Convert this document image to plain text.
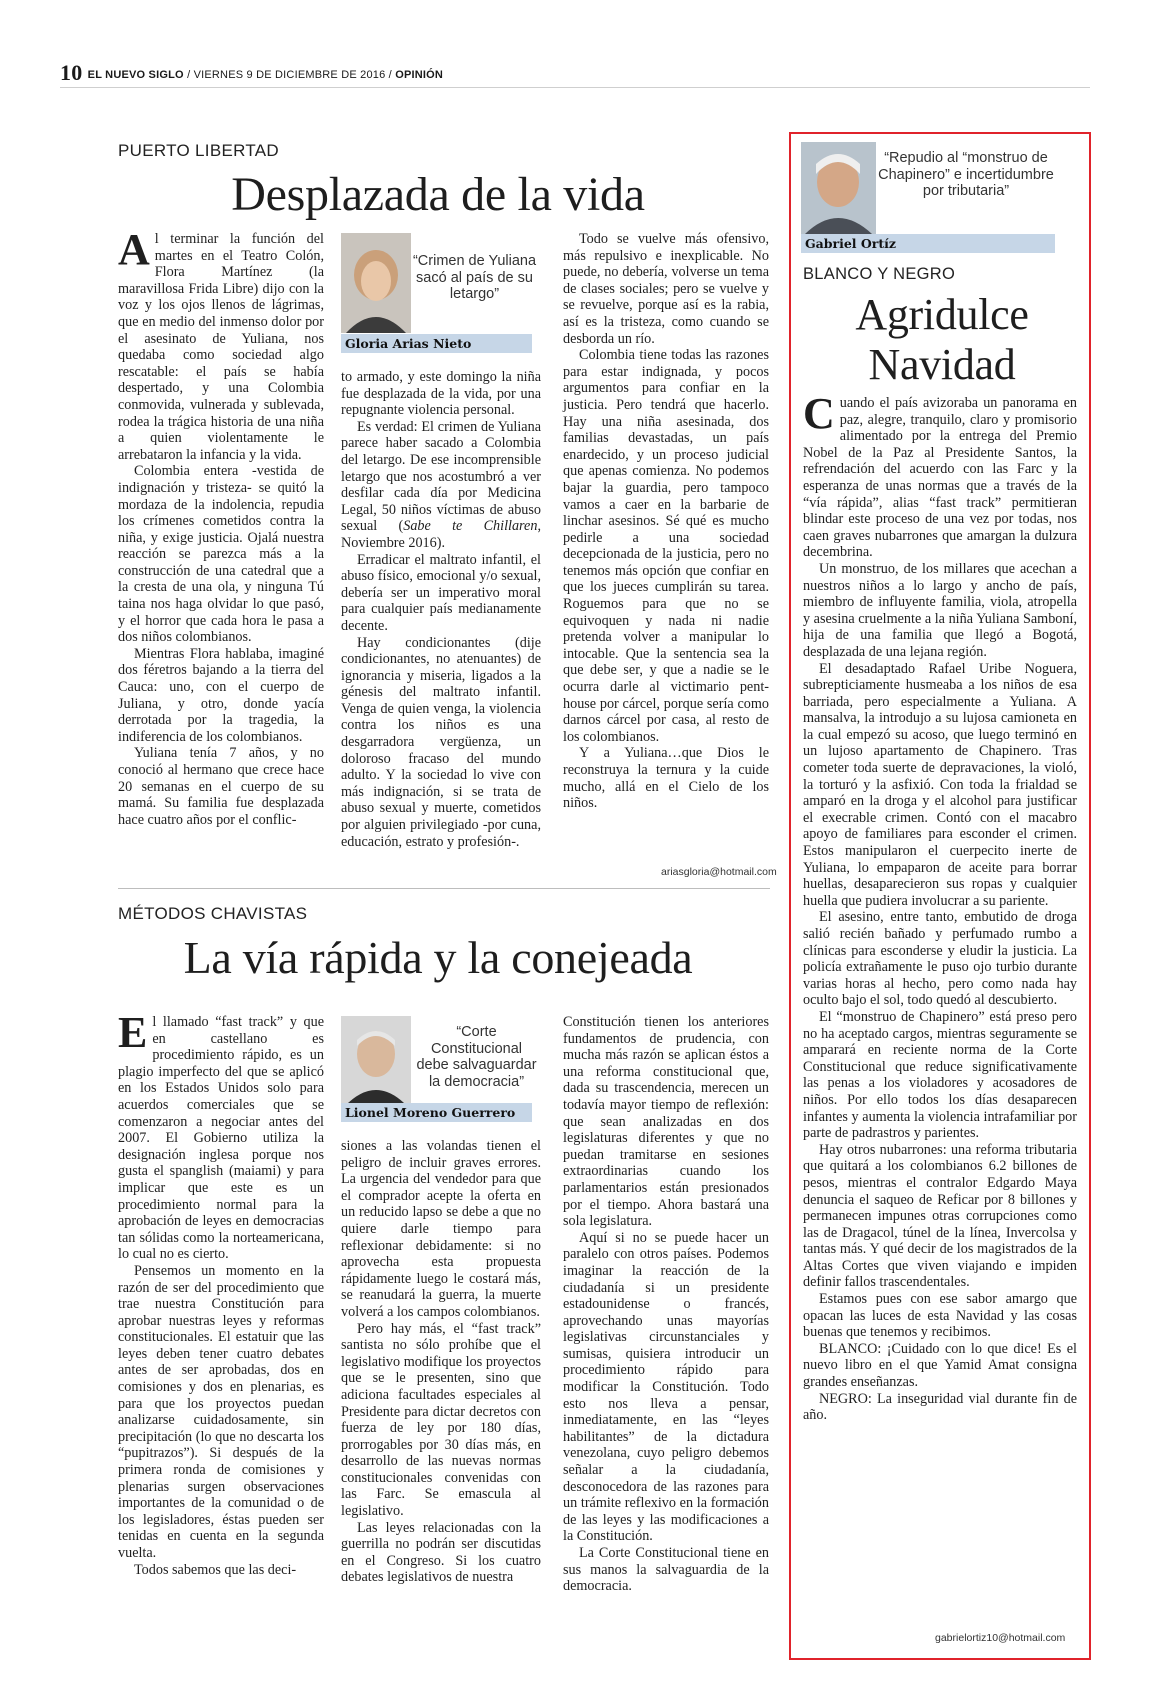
10 EL NUEVO SIGLO / VIERNES 9 DE DICIEMBRE DE 2016 / OPINIÓN
PUERTO LIBERTAD
Desplazada de la vida

Al terminar la función del martes en el Teatro Colón, Flora Martínez (la maravillosa Frida Libre) dijo con la voz y los ojos llenos de lágrimas, que en medio del inmenso dolor por el asesinato de Yuliana, nos quedaba como sociedad algo rescatable: el país se había despertado, y una Colombia conmovida, vulnerada y sublevada, rodea la trágica historia de una niña a quien violentamente le arrebataron la infancia y la vida.

Colombia entera -vestida de indignación y tristeza- se quitó la mordaza de la indolencia, repudia los crímenes cometidos contra la niña, y exige justicia. Ojalá nuestra reacción se parezca más a la construcción de una catedral que a la cresta de una ola, y ninguna Tú taina nos haga olvidar lo que pasó, y el horror que cada hora le pasa a dos niños colombianos.

Mientras Flora hablaba, imaginé dos féretros bajando a la tierra del Cauca: uno, con el cuerpo de Juliana, y otro, donde yacía derrotada por la tragedia, la indiferencia de los colombianos.

Yuliana tenía 7 años, y no conoció al hermano que crece hace 20 semanas en el cuerpo de su mamá. Su familia fue desplazada hace cuatro años por el conflic-

“Crimen de Yuliana sacó al país de su letargo”
Gloria Arias Nieto

to armado, y este domingo la niña fue desplazada de la vida, por una repugnante violencia personal.

Es verdad: El crimen de Yuliana parece haber sacado a Colombia del letargo. De ese incomprensible letargo que nos acostumbró a ver desfilar cada día por Medicina Legal, 50 niños víctimas de abuso sexual (Sabe te Chillaren, Noviembre 2016).

Erradicar el maltrato infantil, el abuso físico, emocional y/o sexual, debería ser un imperativo moral para cualquier país medianamente decente.

Hay condicionantes (dije condicionantes, no atenuantes) de ignorancia y miseria, ligados a la génesis del maltrato infantil. Venga de quien venga, la violencia contra los niños es una desgarradora vergüenza, un doloroso fracaso del mundo adulto. Y la sociedad lo vive con más indignación, si se trata de abuso sexual y muerte, cometidos por alguien privilegiado -por cuna, educación, estrato y profesión-.

Todo se vuelve más ofensivo, más repulsivo e inexplicable. No puede, no debería, volverse un tema de clases sociales; pero se vuelve y se revuelve, porque así es la rabia, así es la tristeza, como cuando se desborda un río.

Colombia tiene todas las razones para estar indignada, y pocos argumentos para confiar en la justicia. Pero tendrá que hacerlo. Hay una niña asesinada, dos familias devastadas, un país enardecido, y un proceso judicial que apenas comienza. No podemos bajar la guardia, pero tampoco vamos a caer en la barbarie de linchar asesinos. Sé qué es mucho pedirle a una sociedad decepcionada de la justicia, pero no tenemos más opción que confiar en que los jueces cumplirán su tarea. Roguemos para que no se equivoquen y nada ni nadie pretenda volver a manipular lo intocable. Que la sentencia sea la que debe ser, y que a nadie se le ocurra darle al victimario pent-house por cárcel, porque sería como darnos cárcel por casa, al resto de los colombianos.

Y a Yuliana…que Dios le reconstruya la ternura y la cuide mucho, allá en el Cielo de los niños.

ariasgloria@hotmail.com
MÉTODOS CHAVISTAS
La vía rápida y la conejeada

El llamado “fast track” y que en castellano es procedimiento rápido, es un plagio imperfecto del que se aplicó en los Estados Unidos solo para acuerdos comerciales que se comenzaron a negociar antes del 2007. El Gobierno utiliza la designación inglesa porque nos gusta el spanglish (maiami) y para implicar que este es un procedimiento normal para la aprobación de leyes en democracias tan sólidas como la norteamericana, lo cual no es cierto.

Pensemos un momento en la razón de ser del procedimiento que trae nuestra Constitución para aprobar nuestras leyes y reformas constitucionales. El estatuir que las leyes deben tener cuatro debates antes de ser aprobadas, dos en comisiones y dos en plenarias, es para que los proyectos puedan analizarse cuidadosamente, sin precipitación (lo que no descarta los “pupitrazos”). Si después de la primera ronda de comisiones y plenarias surgen observaciones importantes de la comunidad o de los legisladores, éstas pueden ser tenidas en cuenta en la segunda vuelta.

Todos sabemos que las deci-

“Corte Constitucional debe salvaguardar la democracia”
Lionel Moreno Guerrero

siones a las volandas tienen el peligro de incluir graves errores. La urgencia del vendedor para que el comprador acepte la oferta en un reducido lapso se debe a que no quiere darle tiempo para reflexionar debidamente: si no aprovecha esta propuesta rápidamente luego le costará más, se reanudará la guerra, la muerte volverá a los campos colombianos.

Pero hay más, el “fast track” santista no sólo prohíbe que el legislativo modifique los proyectos que se le presenten, sino que adiciona facultades especiales al Presidente para dictar decretos con fuerza de ley por 180 días, prorrogables por 30 días más, en desarrollo de las nuevas normas constitucionales convenidas con las Farc. Se emascula al legislativo.

Las leyes relacionadas con la guerrilla no podrán ser discutidas en el Congreso. Si los cuatro debates legislativos de nuestra

Constitución tienen los anteriores fundamentos de prudencia, con mucha más razón se aplican éstos a una reforma constitucional que, dada su trascendencia, merecen un todavía mayor tiempo de reflexión: que sean analizadas en dos legislaturas diferentes y que no puedan tramitarse en sesiones extraordinarias cuando los parlamentarios están presionados por el tiempo. Ahora bastará una sola legislatura.

Aquí si no se puede hacer un paralelo con otros países. Podemos imaginar la reacción de la ciudadanía si un presidente estadounidense o francés, aprovechando unas mayorías legislativas circunstanciales y sumisas, quisiera introducir un procedimiento rápido para modificar la Constitución. Todo esto nos lleva a pensar, inmediatamente, en las “leyes habilitantes” de la dictadura venezolana, cuyo peligro debemos señalar a la ciudadanía, desconocedora de las razones para un trámite reflexivo en la formación de las leyes y las modificaciones a la Constitución.

La Corte Constitucional tiene en sus manos la salvaguardia de la democracia.

“Repudio al “monstruo de Chapinero” e incertidumbre por tributaria”
Gabriel Ortíz
BLANCO Y NEGRO
Agridulce Navidad

Cuando el país avizoraba un panorama en paz, alegre, tranquilo, claro y promisorio alimentado por la entrega del Premio Nobel de la Paz al Presidente Santos, la refrendación del acuerdo con las Farc y la esperanza de unas normas que a través de la “vía rápida”, alias “fast track” permitieran blindar este proceso de una vez por todas, nos caen graves nubarrones que amargan la dulzura decembrina.

Un monstruo, de los millares que acechan a nuestros niños a lo largo y ancho de país, miembro de influyente familia, viola, atropella y asesina cruelmente a la niña Yuliana Samboní, hija de una familia que llegó a Bogotá, desplazada de una lejana región.

El desadaptado Rafael Uribe Noguera, subrepticiamente husmeaba a los niños de esa barriada, pero especialmente a Yuliana. A mansalva, la introdujo a su lujosa camioneta en la cual empezó su acoso, que luego terminó en un lujoso apartamento de Chapinero. Tras cometer toda suerte de depravaciones, la violó, la torturó y la asfixió. Con toda la frialdad se amparó en la droga y el alcohol para justificar el execrable crimen. Contó con el macabro apoyo de familiares para esconder el crimen. Estos manipularon el cuerpecito inerte de Yuliana, lo empaparon de aceite para borrar huellas, desaparecieron sus ropas y cualquier huella que pudiera involucrar a su pariente.

El asesino, entre tanto, embutido de droga salió recién bañado y perfumado rumbo a clínicas para esconderse y eludir la justicia. La policía extrañamente le puso ojo turbio durante varias horas al hecho, pero como nada hay oculto bajo el sol, todo quedó al descubierto.

El “monstruo de Chapinero” está preso pero no ha aceptado cargos, mientras seguramente se amparará en reciente norma de la Corte Constitucional que reduce significativamente las penas a los violadores y acosadores de niños. Por ello todos los días desaparecen infantes y aumenta la violencia intrafamiliar por parte de padrastros y parientes.

Hay otros nubarrones: una reforma tributaria que quitará a los colombianos 6.2 billones de pesos, mientras el contralor Edgardo Maya denuncia el saqueo de Reficar por 8 billones y permanecen impunes otras corrupciones como las de Dragacol, túnel de la línea, Invercolsa y tantas más. Y qué decir de los magistrados de la Altas Cortes que viven viajando e impiden definir fallos trascendentales.

Estamos pues con ese sabor amargo que opacan las luces de esta Navidad y las cosas buenas que tenemos y recibimos.

BLANCO: ¡Cuidado con lo que dice! Es el nuevo libro en el que Yamid Amat consigna grandes enseñanzas.

NEGRO: La inseguridad vial durante fin de año.

gabrielortiz10@hotmail.com
